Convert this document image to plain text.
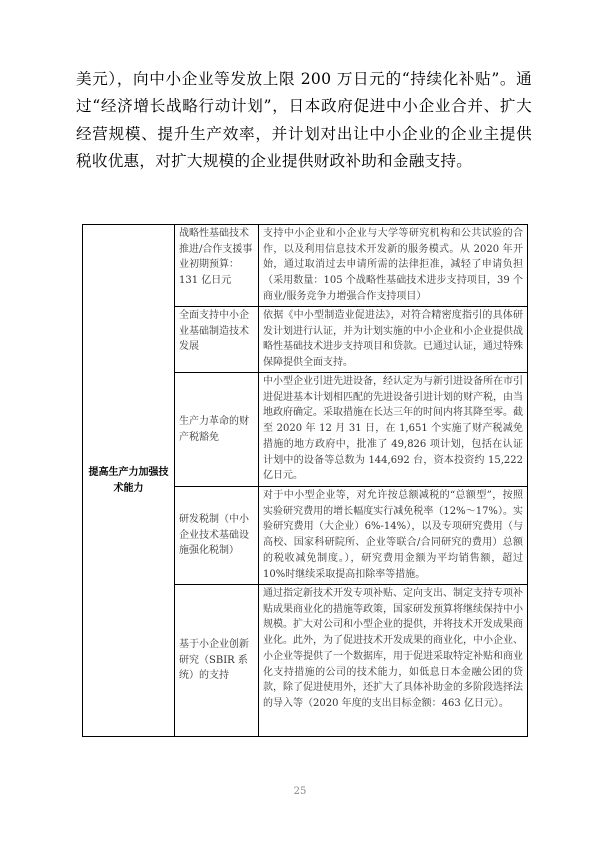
美元），向中小企业等发放上限 200 万日元的“持续化补贴”。通过“经济增长战略行动计划”，日本政府促进中小企业合并、扩大经营规模、提升生产效率，并计划对出让中小企业的企业主提供税收优惠，对扩大规模的企业提供财政补助和金融支持。

提高生产力加强技术能力	战略性基础技术推进/合作支援事业初期预算：131 亿日元	支持中小企业和小企业与大学等研究机构和公共试验的合作，以及利用信息技术开发新的服务模式。从 2020 年开始，通过取消过去申请所需的法律拒准，减轻了申请负担（采用数量：105 个战略性基础技术进步支持项目，39 个商业/服务竞争力增强合作支持项目）
	全面支持中小企业基础制造技术发展	依据《中小型制造业促进法》，对符合精密度指引的具体研发计划进行认证，并为计划实施的中小企业和小企业提供战略性基础技术进步支持项目和贷款。已通过认证，通过特殊保障提供全面支持。
	生产力革命的财产税豁免	中小型企业引进先进设备，经认定为与新引进设备所在市引进促进基本计划相匹配的先进设备引进计划的财产税，由当地政府确定。采取措施在长达三年的时间内将其降至零。截至 2020 年 12 月 31 日，在 1,651 个实施了财产税减免措施的地方政府中，批准了 49,826 项计划，包括在认证计划中的设备等总数为 144,692 台，资本投资约 15,222 亿日元。
	研发税制（中小企业技术基础设施强化税制）	对于中小型企业等，对允许按总额减税的“总额型”，按照实验研究费用的增长幅度实行减免税率（12%～17%）。实验研究费用（大企业）6%-14%），以及专项研究费用（与高校、国家科研院所、企业等联合/合同研究的费用）总额的税收减免制度。），研究费用金额为平均销售额，超过 10%时继续采取提高扣除率等措施。
	基于小企业创新研究（SBIR 系统）的支持	通过指定新技术开发专项补贴、定向支出、制定支持专项补贴成果商业化的措施等政策，国家研发预算将继续保持中小规模。扩大对公司和小型企业的提供，并将技术开发成果商业化。此外，为了促进技术开发成果的商业化，中小企业、小企业等提供了一个数据库，用于促进采取特定补贴和商业化支持措施的公司的技术能力，如低息日本金融公团的贷款，除了促进使用外，还扩大了具体补助金的多阶段选择法的导入等（2020 年度的支出目标金额：463 亿日元）。
25
